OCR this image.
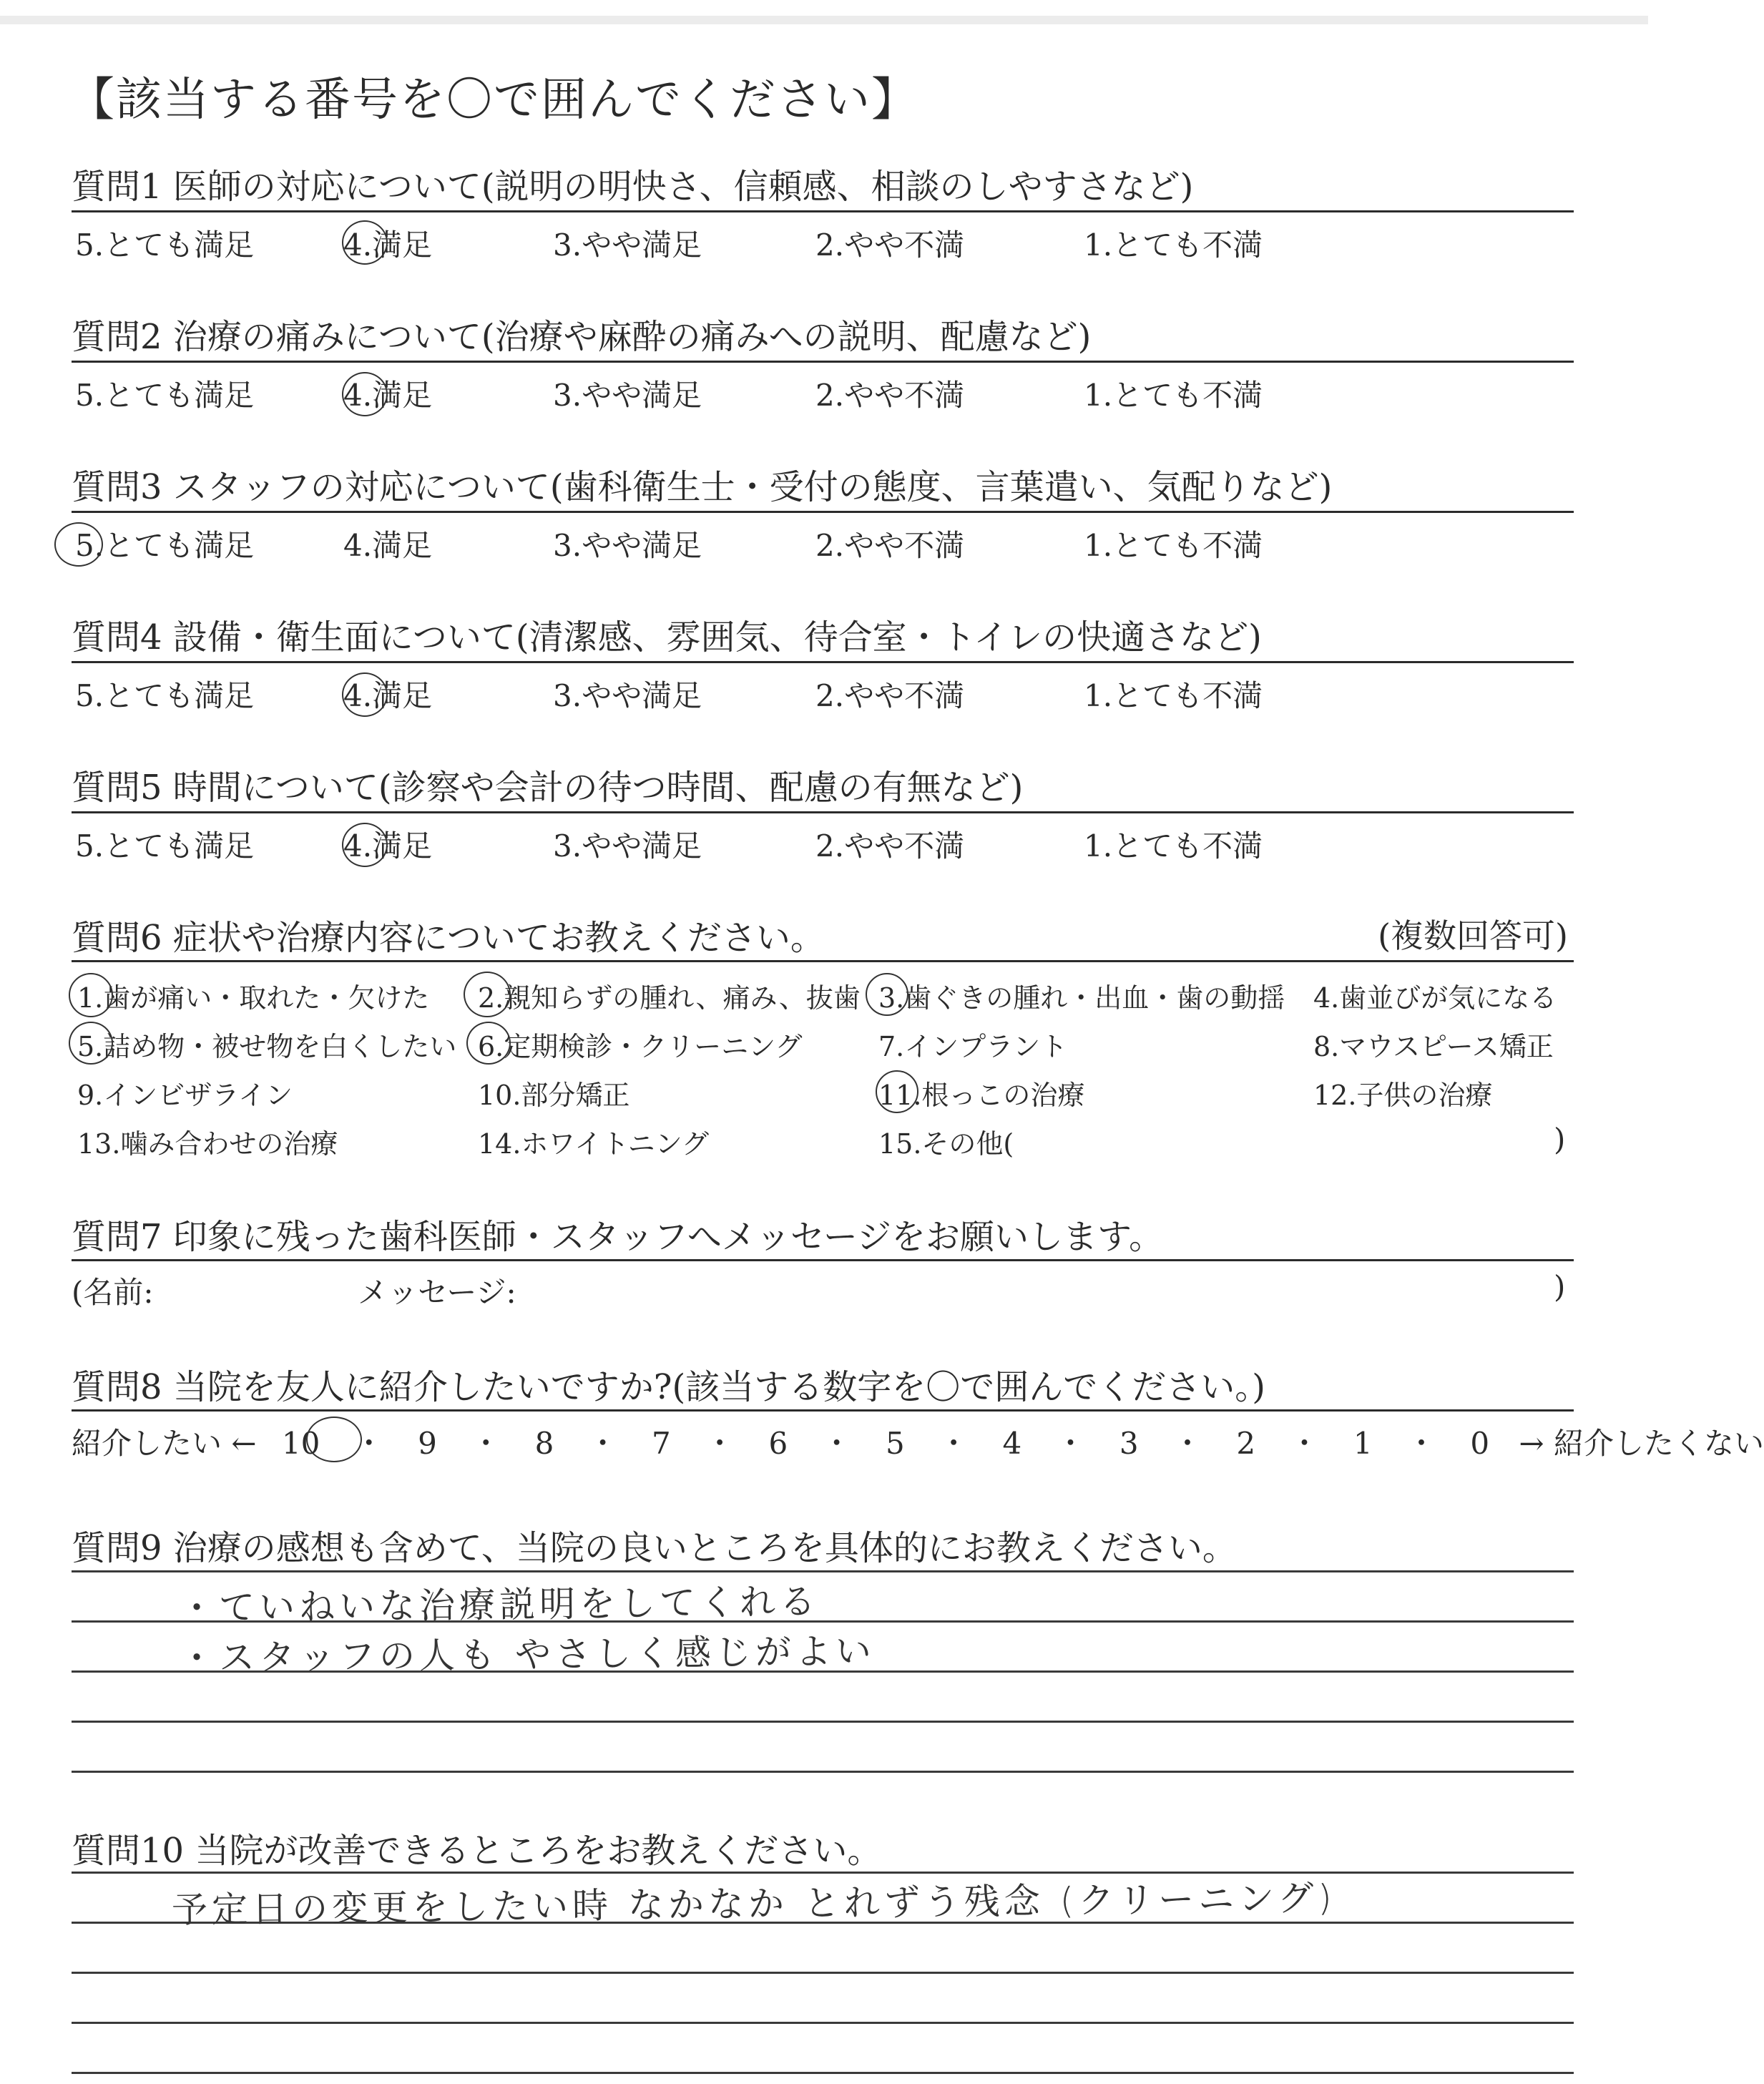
【該当する番号を〇で囲んでください】
質問1 医師の対応について(説明の明快さ、信頼感、相談のしやすさなど)
5.とても満足	4.満足	3.やや満足	2.やや不満	1.とても不満
質問2 治療の痛みについて(治療や麻酔の痛みへの説明、配慮など)
5.とても満足	4.満足	3.やや満足	2.やや不満	1.とても不満
質問3 スタッフの対応について(歯科衛生士・受付の態度、言葉遣い、気配りなど)
5.とても満足	4.満足	3.やや満足	2.やや不満	1.とても不満
質問4 設備・衛生面について(清潔感、雰囲気、待合室・トイレの快適さなど)
5.とても満足	4.満足	3.やや満足	2.やや不満	1.とても不満
質問5 時間について(診察や会計の待つ時間、配慮の有無など)
5.とても満足	4.満足	3.やや満足	2.やや不満	1.とても不満
質問6 症状や治療内容についてお教えください。	(複数回答可)
1.歯が痛い・取れた・欠けた 2.親知らずの腫れ、痛み、抜歯 3.歯ぐきの腫れ・出血・歯の動揺 4.歯並びが気になる
5.詰め物・被せ物を白くしたい 6.定期検診・クリーニング	7.インプラント	8.マウスピース矯正
9.インビザライン	10.部分矯正	11.根っこの治療	12.子供の治療
13.噛み合わせの治療	14.ホワイトニング	15.その他(	)
質問7 印象に残った歯科医師・スタッフへメッセージをお願いします。
(名前:	メッセージ:	)
質問8 当院を友人に紹介したいですか?(該当する数字を〇で囲んでください。)
紹介したい ← 10 ・ 9 ・ 8 ・ 7 ・ 6 ・ 5 ・ 4 ・ 3 ・ 2 ・ 1 ・ 0 → 紹介したくない
質問9 治療の感想も含めて、当院の良いところを具体的にお教えください。
・ていねいな治療説明をしてくれる
・スタッフの人も やさしく感じがよい
質問10 当院が改善できるところをお教えください。
予定日の変更をしたい時 なかなか とれずう残念 (クリーニング)
